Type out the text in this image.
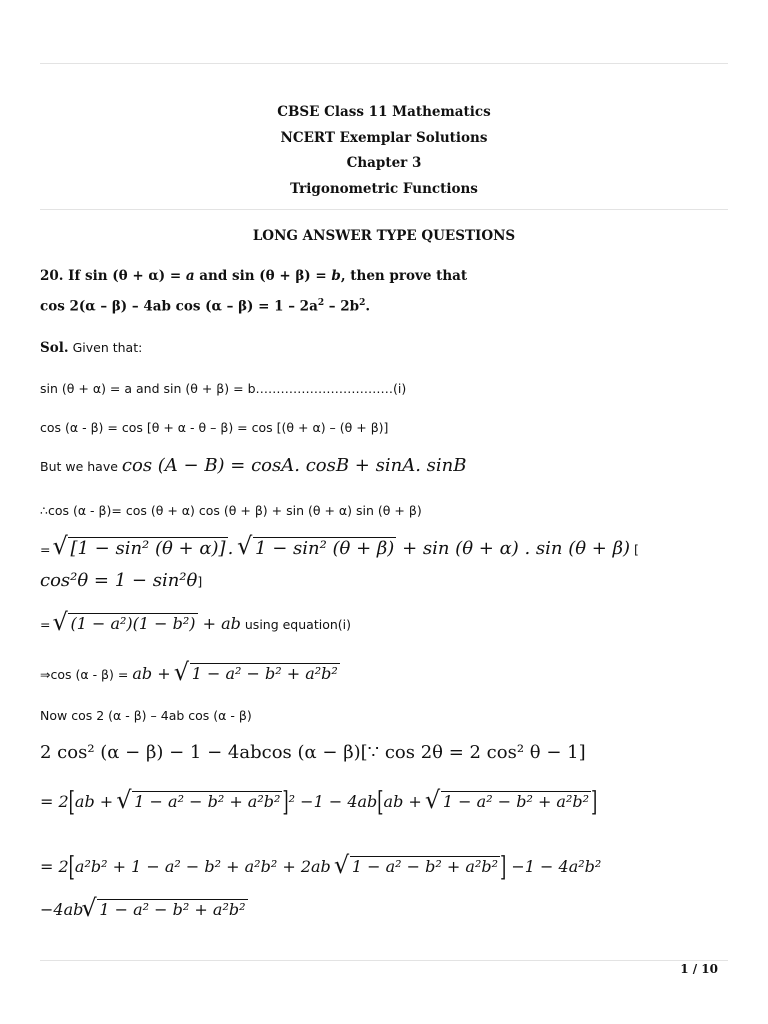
CBSE Class 11 Mathematics
NCERT Exemplar Solutions
Chapter 3
Trigonometric Functions
LONG ANSWER TYPE QUESTIONS
20. If sin (θ + α) = a and sin (θ + β) = b, then prove that
cos 2(α – β) – 4ab $\cos (\alpha - \beta) = 1 - 2a^2 - 2b^2$.
Sol. Given that:
sin (θ + α) = a and sin (θ + β) = b……………………………(i)
cos (α - β) = cos [θ + α - θ – β) = cos [(θ + α) – (θ + β)]
But we have cos (A − B) = cosA. cosB + sinA. sinB
∴cos (α - β)= cos (θ + α) cos (θ + β) + sin (θ + α) sin (θ + β)
= √ [1 − sin² (θ + α)] . √ 1 − sin² (θ + β) + sin (θ + α) . sin (θ + β) [
cos²θ = 1 − sin²θ]
= √ (1 − a²)(1 − b²) + ab using equation(i)
⇒cos (α - β) = ab + √ 1 − a² − b² + a²b²
Now cos 2 (α - β) – 4ab cos (α - β)
2 cos² (α − β) − 1 − 4abcos (α − β)[∵ cos 2θ = 2 cos² θ − 1]
= 2[ab + √ 1 − a² − b² + a²b² ]² −1 − 4ab[ab + √ 1 − a² − b² + a²b² ]
= 2[a²b² + 1 − a² − b² + a²b² + 2ab √ 1 − a² − b² + a²b² ] −1 − 4a²b²
−4ab√ 1 − a² − b² + a²b²
1 / 10
